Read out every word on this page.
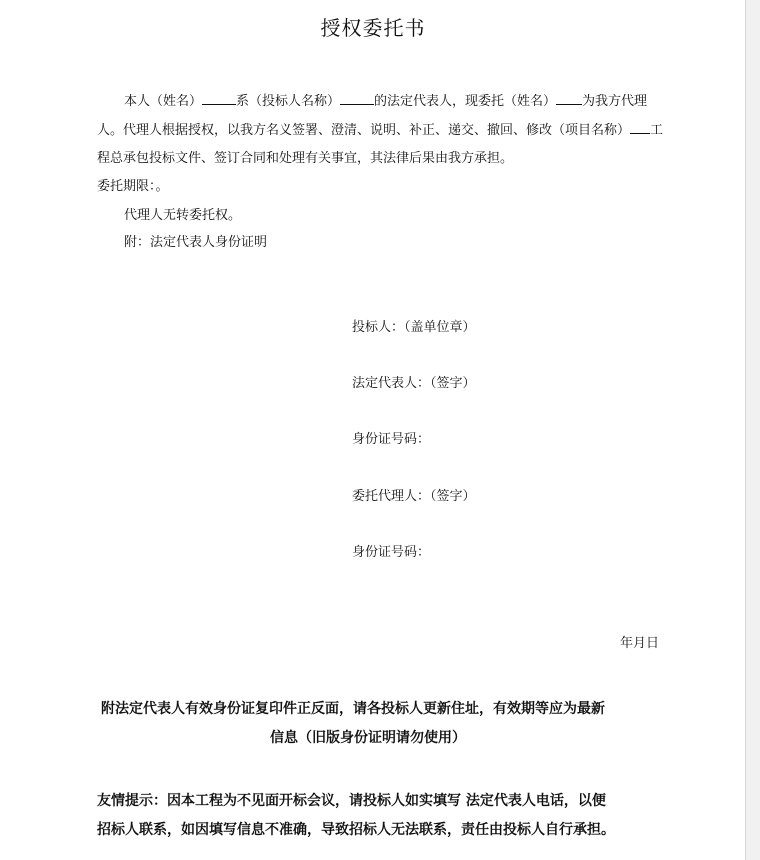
授权委托书
本人（姓名）	系（投标人名称）	的法定代表人，现委托（姓名） 为我方代理
人。代理人根据授权，以我方名义签署、澄清、说明、补正、递交、撤回、修改（项目名称） 工
程总承包投标文件、签订合同和处理有关事宜，其法律后果由我方承担。
委托期限：。
代理人无转委托权。
附：法定代表人身份证明
投标人：（盖单位章）
法定代表人：（签字）
身份证号码：
委托代理人：（签字）
身份证号码：
年月日
附法定代表人有效身份证复印件正反面，请各投标人更新住址，有效期等应为最新
信息（旧版身份证明请勿使用）
友情提示：因本工程为不见面开标会议，请投标人如实填写 法定代表人电话，以便
招标人联系，如因填写信息不准确，导致招标人无法联系，责任由投标人自行承担。
